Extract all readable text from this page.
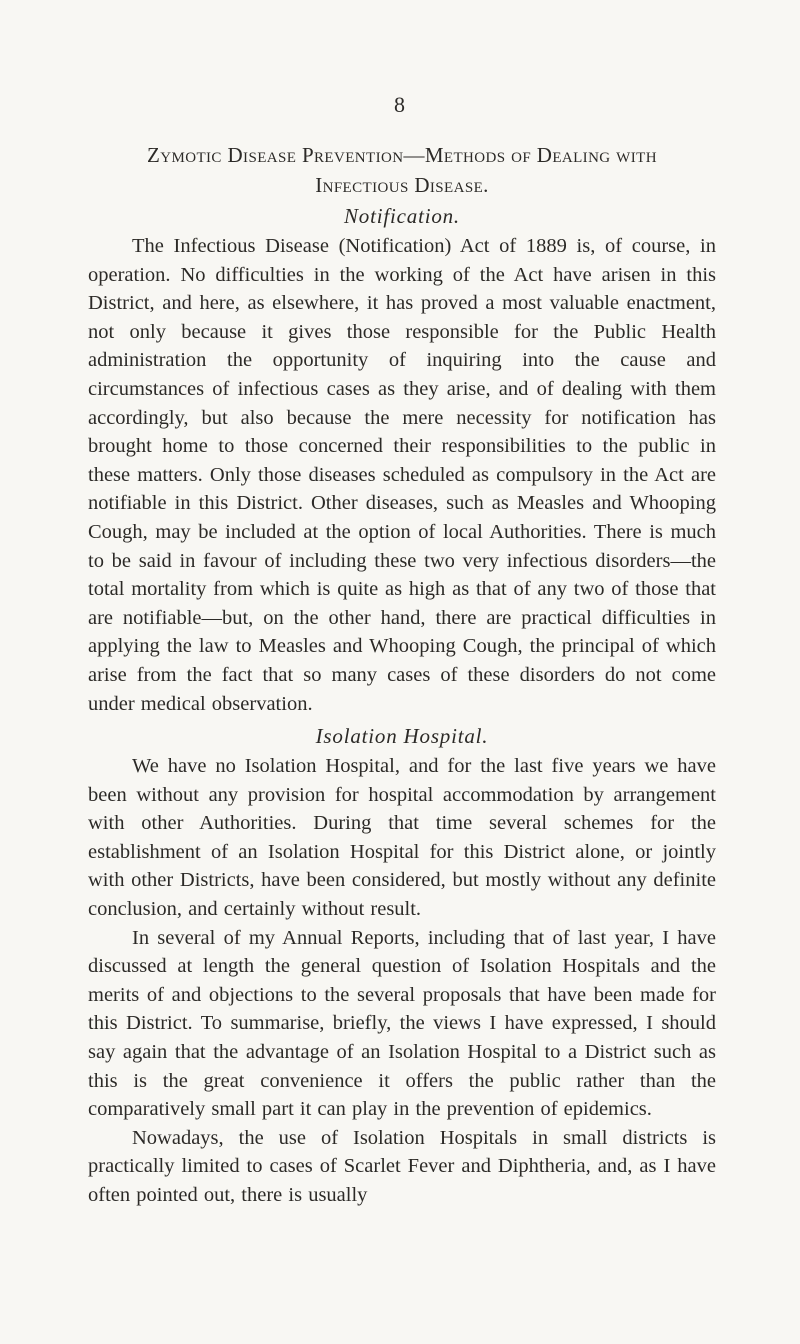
8

Zymotic Disease Prevention—Methods of Dealing with

Infectious Disease.

Notification.

The Infectious Disease (Notification) Act of 1889 is, of course, in operation. No difficulties in the working of the Act have arisen in this District, and here, as elsewhere, it has proved a most valuable enactment, not only because it gives those responsible for the Public Health administration the opportunity of inquiring into the cause and circumstances of infectious cases as they arise, and of dealing with them accordingly, but also because the mere necessity for notification has brought home to those concerned their responsibilities to the public in these matters. Only those diseases scheduled as compulsory in the Act are notifiable in this District. Other diseases, such as Measles and Whooping Cough, may be included at the option of local Authorities. There is much to be said in favour of including these two very infectious disorders—the total mortality from which is quite as high as that of any two of those that are notifiable—but, on the other hand, there are practical difficulties in applying the law to Measles and Whooping Cough, the principal of which arise from the fact that so many cases of these disorders do not come under medical observation.

Isolation Hospital.

We have no Isolation Hospital, and for the last five years we have been without any provision for hospital accommodation by arrangement with other Authorities. During that time several schemes for the establishment of an Isolation Hospital for this District alone, or jointly with other Districts, have been considered, but mostly without any definite conclusion, and certainly without result.

In several of my Annual Reports, including that of last year, I have discussed at length the general question of Isolation Hospitals and the merits of and objections to the several proposals that have been made for this District. To summarise, briefly, the views I have expressed, I should say again that the advantage of an Isolation Hospital to a District such as this is the great convenience it offers the public rather than the comparatively small part it can play in the prevention of epidemics.

Nowadays, the use of Isolation Hospitals in small districts is practically limited to cases of Scarlet Fever and Diphtheria, and, as I have often pointed out, there is usually
